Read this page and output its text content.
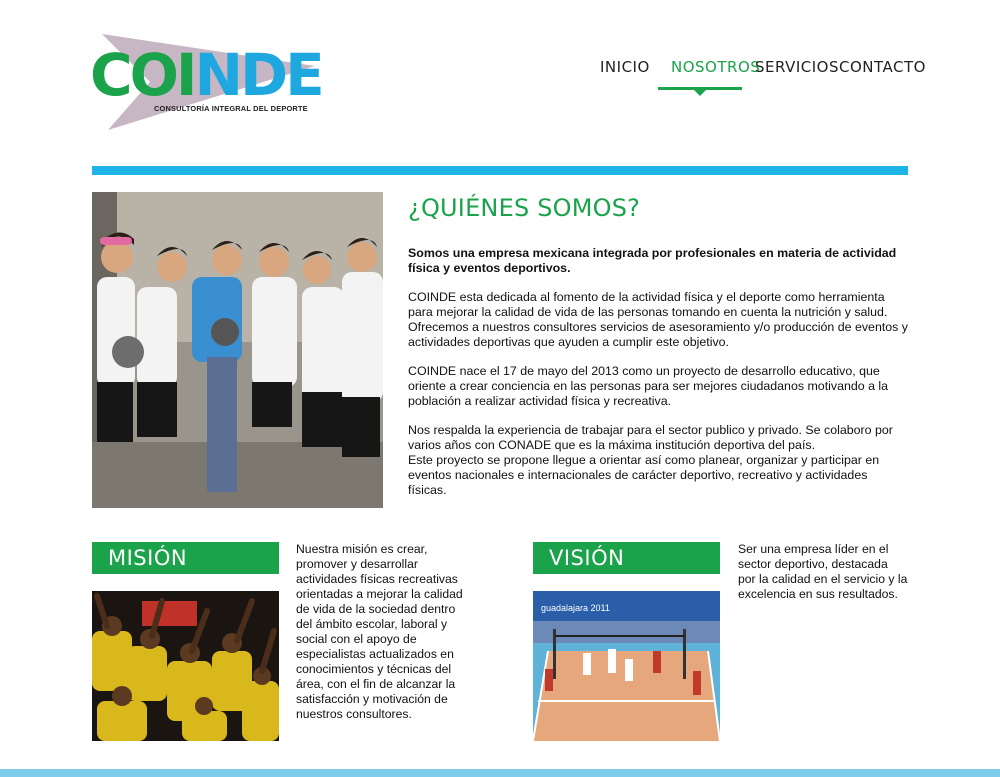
COINDE
CONSULTORÍA INTEGRAL DEL DEPORTE
INICIO NOSOTROS
SERVICIOS CONTACTO
¿QUIÉNES SOMOS?

Somos una empresa mexicana integrada por profesionales en materia de actividad física y eventos deportivos.

COINDE esta dedicada al fomento de la actividad física y el deporte como herramienta para mejorar la calidad de vida de las personas tomando en cuenta la nutrición y salud. Ofrecemos a nuestros consultores servicios de asesoramiento y/o producción de eventos y actividades deportivas que ayuden a cumplir este objetivo.

COINDE nace el 17 de mayo del 2013 como un proyecto de desarrollo educativo, que oriente a crear conciencia en las personas para ser mejores ciudadanos motivando a la población a realizar actividad física y recreativa.

Nos respalda la experiencia de trabajar para el sector publico y privado. Se colaboro por varios años con CONADE que es la máxima institución deportiva del país.

Este proyecto se propone llegue a orientar así como planear, organizar y participar en eventos nacionales e internacionales de carácter deportivo, recreativo y actividades físicas.

MISIÓN	Nuestra misión es crear, promover y desarrollar actividades físicas recreativas orientadas a mejorar la calidad de vida de la sociedad dentro del ámbito escolar, laboral y social con el apoyo de especialistas actualizados en conocimientos y técnicas del área, con el fin de alcanzar la satisfacción y motivación de nuestros consultores.
VISIÓN
guadalajara 2011
Ser una empresa líder en el sector deportivo, destacada por la calidad en el servicio y la excelencia en sus resultados.
